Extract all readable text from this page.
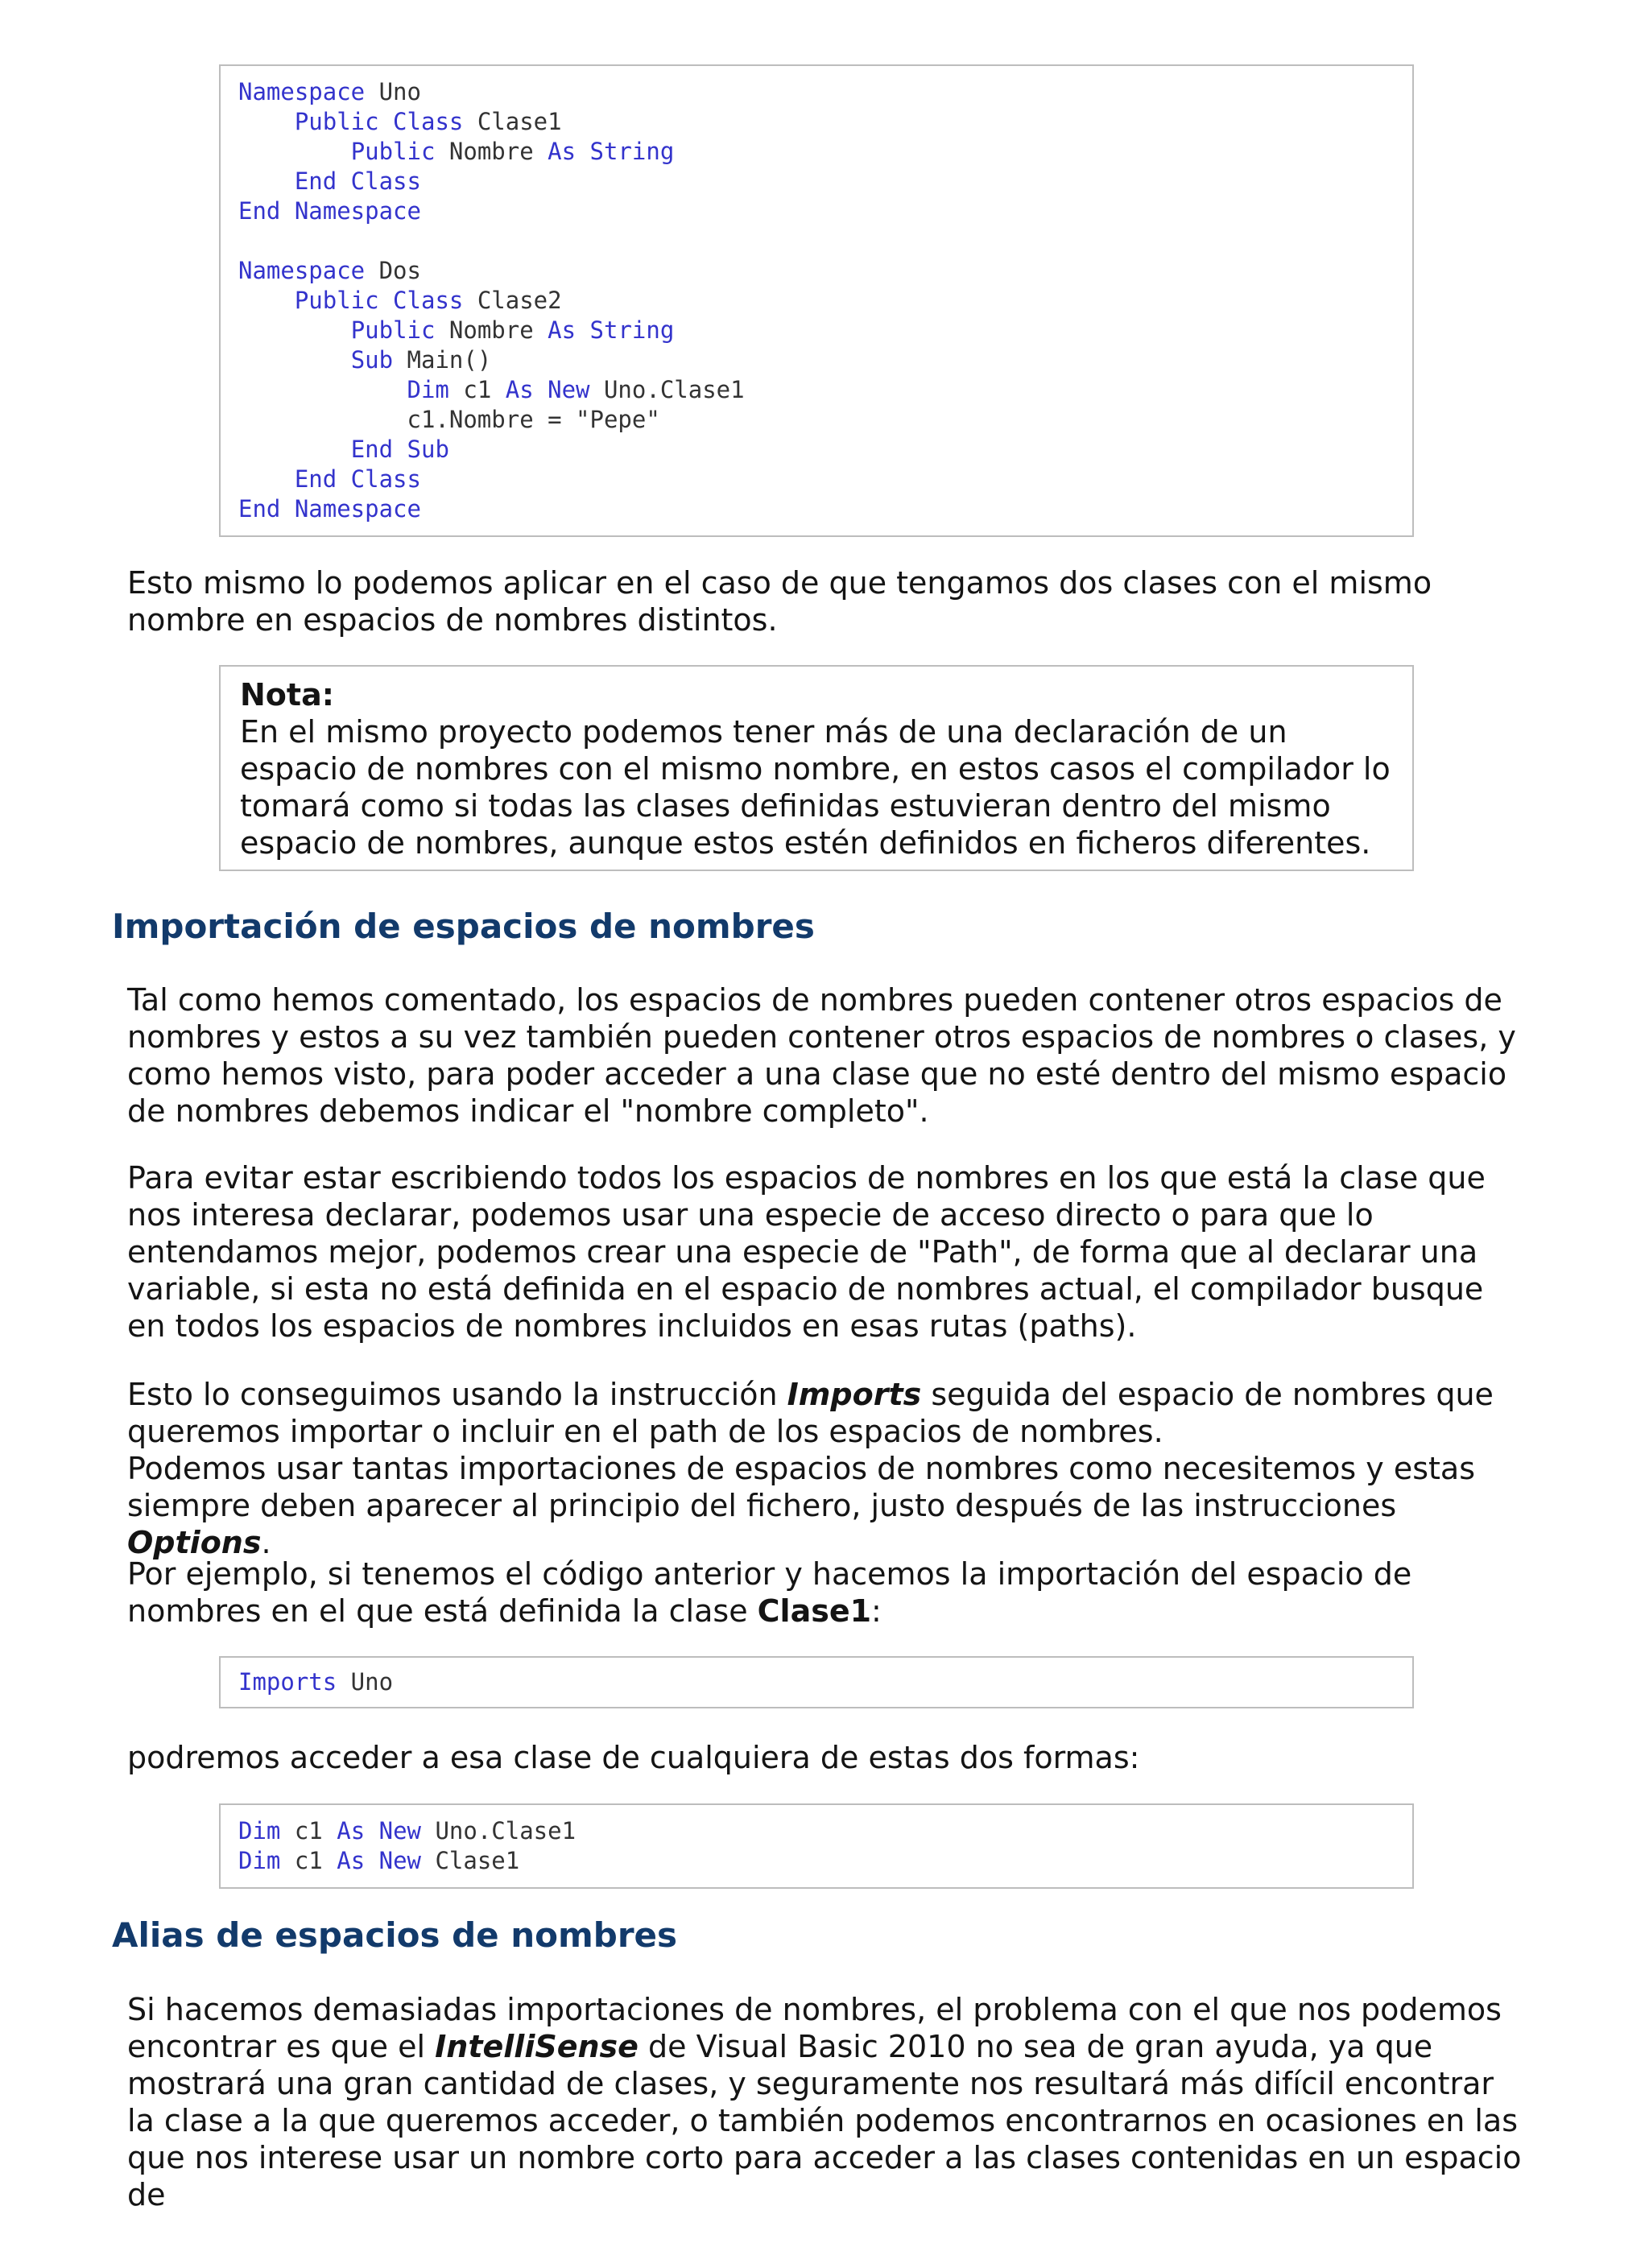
Namespace Uno
Public Class Clase1
Public Nombre As String
End Class
End Namespace
Namespace Dos
Public Class Clase2
Public Nombre As String
Sub Main()
Dim c1 As New Uno.Clase1
c1.Nombre = "Pepe"
End Sub
End Class
End Namespace

Esto mismo lo podemos aplicar en el caso de que tengamos dos clases con el mismo nombre en espacios de nombres distintos.

Nota:
En el mismo proyecto podemos tener más de una declaración de un espacio de nombres con el mismo nombre, en estos casos el compilador lo tomará como si todas las clases definidas estuvieran dentro del mismo espacio de nombres, aunque estos estén definidos en ficheros diferentes.
Importación de espacios de nombres

Tal como hemos comentado, los espacios de nombres pueden contener otros espacios de nombres y estos a su vez también pueden contener otros espacios de nombres o clases, y como hemos visto, para poder acceder a una clase que no esté dentro del mismo espacio de nombres debemos indicar el "nombre completo".

Para evitar estar escribiendo todos los espacios de nombres en los que está la clase que nos interesa declarar, podemos usar una especie de acceso directo o para que lo entendamos mejor, podemos crear una especie de "Path", de forma que al declarar una variable, si esta no está definida en el espacio de nombres actual, el compilador busque en todos los espacios de nombres incluidos en esas rutas (paths).

Esto lo conseguimos usando la instrucción Imports seguida del espacio de nombres que queremos importar o incluir en el path de los espacios de nombres.
Podemos usar tantas importaciones de espacios de nombres como necesitemos y estas siempre deben aparecer al principio del fichero, justo después de las instrucciones Options.

Por ejemplo, si tenemos el código anterior y hacemos la importación del espacio de nombres en el que está definida la clase Clase1:

Imports Uno

podremos acceder a esa clase de cualquiera de estas dos formas:

Dim c1 As New Uno.Clase1
Dim c1 As New Clase1
Alias de espacios de nombres

Si hacemos demasiadas importaciones de nombres, el problema con el que nos podemos encontrar es que el IntelliSense de Visual Basic 2010 no sea de gran ayuda, ya que mostrará una gran cantidad de clases, y seguramente nos resultará más difícil encontrar la clase a la que queremos acceder, o también podemos encontrarnos en ocasiones en las que nos interese usar un nombre corto para acceder a las clases contenidas en un espacio de
